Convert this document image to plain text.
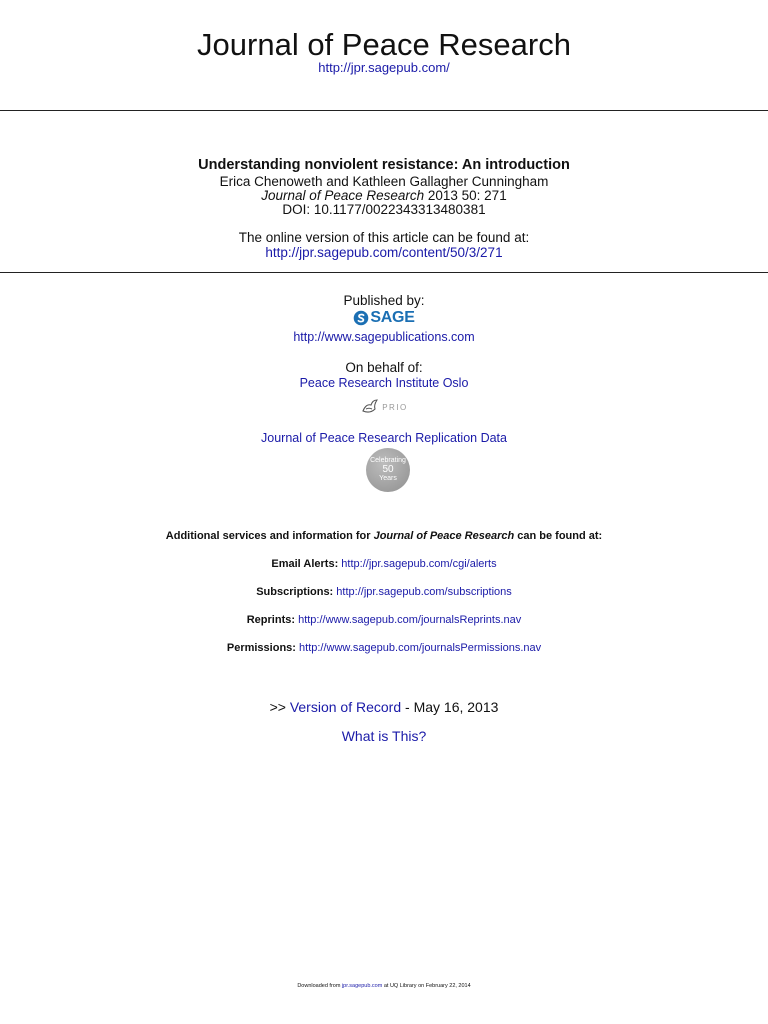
Journal of Peace Research
http://jpr.sagepub.com/
Understanding nonviolent resistance: An introduction
Erica Chenoweth and Kathleen Gallagher Cunningham
Journal of Peace Research 2013 50: 271
DOI: 10.1177/0022343313480381
The online version of this article can be found at:
http://jpr.sagepub.com/content/50/3/271
Published by:
SAGE
http://www.sagepublications.com
On behalf of:
Peace Research Institute Oslo
PRIO
Journal of Peace Research Replication Data
Celebrating
50
Years
Additional services and information for Journal of Peace Research can be found at:
Email Alerts: http://jpr.sagepub.com/cgi/alerts
Subscriptions: http://jpr.sagepub.com/subscriptions
Reprints: http://www.sagepub.com/journalsReprints.nav
Permissions: http://www.sagepub.com/journalsPermissions.nav
>> Version of Record - May 16, 2013
What is This?
Downloaded from jpr.sagepub.com at UQ Library on February 22, 2014
